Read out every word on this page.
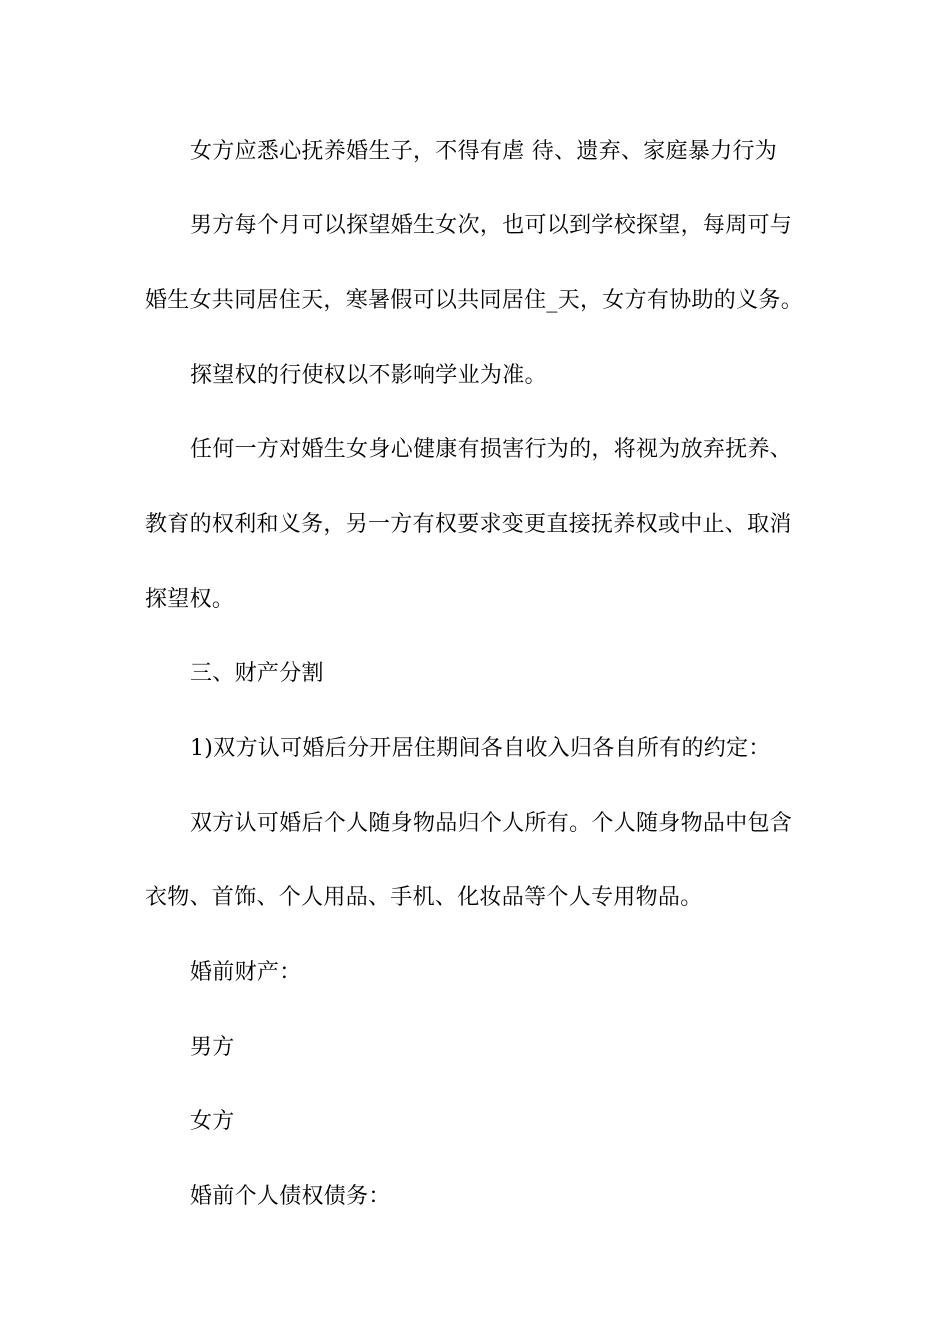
女方应悉心抚养婚生子，不得有虐 待、遗弃、家庭暴力行为

男方每个月可以探望婚生女次，也可以到学校探望，每周可与

婚生女共同居住天，寒暑假可以共同居住_天，女方有协助的义务。

探望权的行使权以不影响学业为准。

任何一方对婚生女身心健康有损害行为的，将视为放弃抚养、

教育的权利和义务，另一方有权要求变更直接抚养权或中止、取消

探望权。

三、财产分割

1)双方认可婚后分开居住期间各自收入归各自所有的约定：

双方认可婚后个人随身物品归个人所有。个人随身物品中包含

衣物、首饰、个人用品、手机、化妆品等个人专用物品。

婚前财产：

男方

女方

婚前个人债权债务：
